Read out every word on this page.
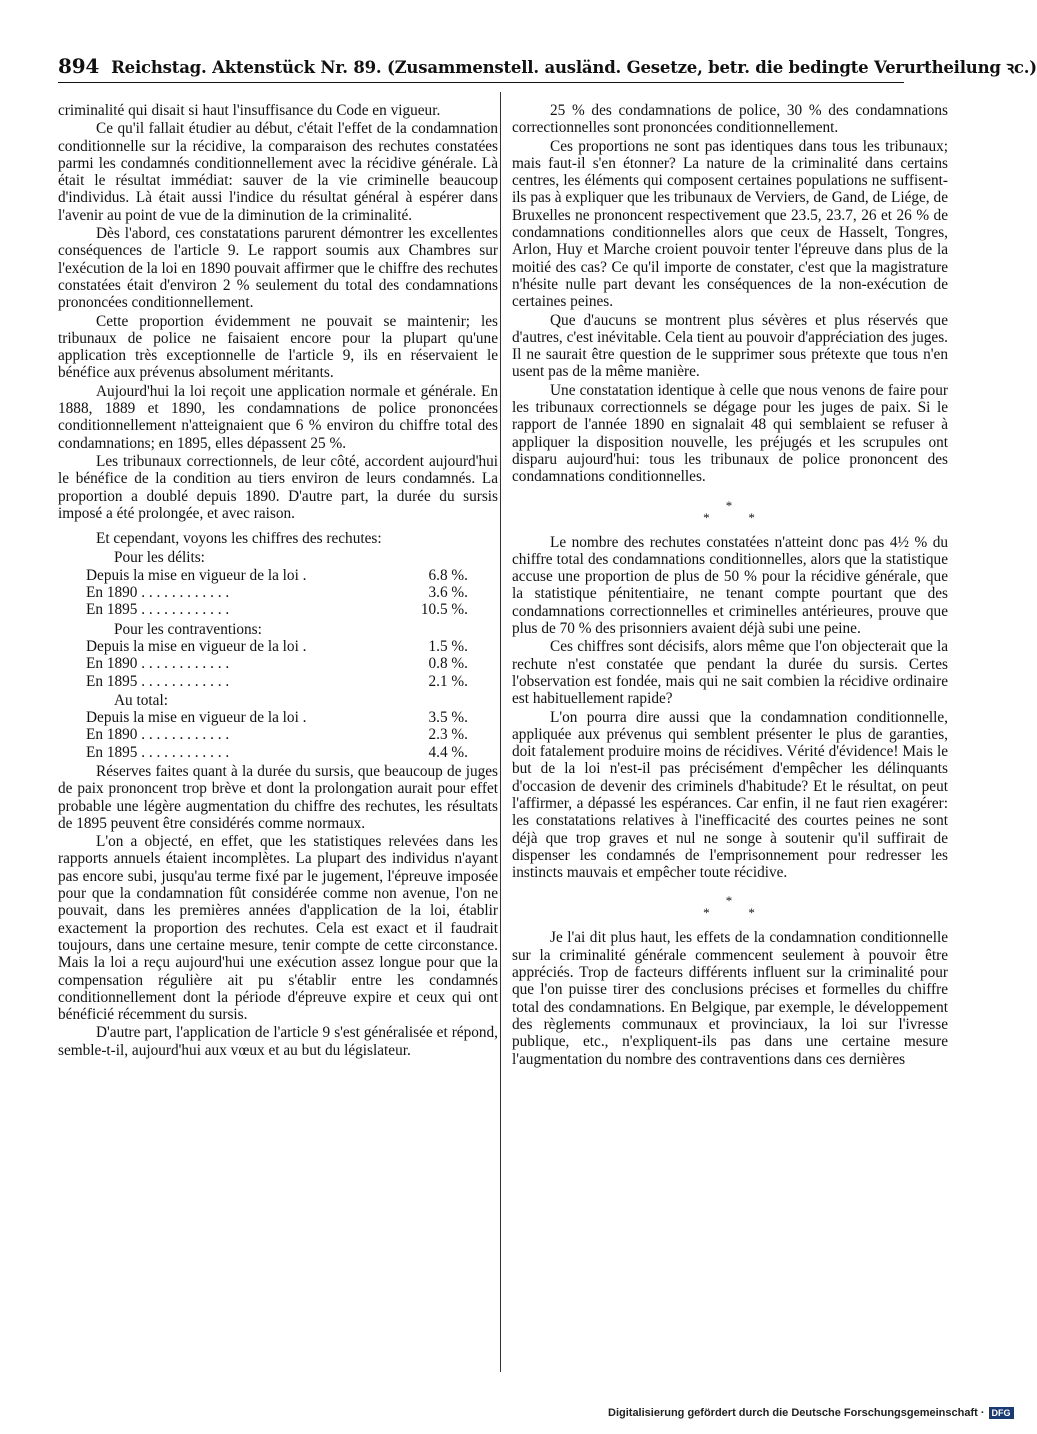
894 Reichstag. Aktenstück Nr. 89. (Zusammenstell. ausländ. Gesetze, betr. die bedingte Verurtheilung ꝛc.)

criminalité qui disait si haut l'insuffisance du Code en vigueur.

Ce qu'il fallait étudier au début, c'était l'effet de la condamnation conditionnelle sur la récidive, la comparaison des rechutes constatées parmi les condamnés conditionnellement avec la récidive générale. Là était le résultat immédiat: sauver de la vie criminelle beaucoup d'individus. Là était aussi l'indice du résultat général à espérer dans l'avenir au point de vue de la diminution de la criminalité.

Dès l'abord, ces constatations parurent démontrer les excellentes conséquences de l'article 9. Le rapport soumis aux Chambres sur l'exécution de la loi en 1890 pouvait affirmer que le chiffre des rechutes constatées était d'environ 2 % seulement du total des condamnations prononcées conditionnellement.

Cette proportion évidemment ne pouvait se maintenir; les tribunaux de police ne faisaient encore pour la plupart qu'une application très exceptionnelle de l'article 9, ils en réservaient le bénéfice aux prévenus absolument méritants.

Aujourd'hui la loi reçoit une application normale et générale. En 1888, 1889 et 1890, les condamnations de police prononcées conditionnellement n'atteignaient que 6 % environ du chiffre total des condamnations; en 1895, elles dépassent 25 %.

Les tribunaux correctionnels, de leur côté, accordent aujourd'hui le bénéfice de la condition au tiers environ de leurs condamnés. La proportion a doublé depuis 1890. D'autre part, la durée du sursis imposé a été prolongée, et avec raison.

Et cependant, voyons les chiffres des rechutes:

Pour les délits:

Depuis la mise en vigueur de la loi .	6.8 %.
En 1890 . . . . . . . . . . . .	3.6 %.
En 1895 . . . . . . . . . . . .	10.5 %.

Pour les contraventions:

Depuis la mise en vigueur de la loi .	1.5 %.
En 1890 . . . . . . . . . . . .	0.8 %.
En 1895 . . . . . . . . . . . .	2.1 %.

Au total:

Depuis la mise en vigueur de la loi .	3.5 %.
En 1890 . . . . . . . . . . . .	2.3 %.
En 1895 . . . . . . . . . . . .	4.4 %.

Réserves faites quant à la durée du sursis, que beaucoup de juges de paix prononcent trop brève et dont la prolongation aurait pour effet probable une légère augmentation du chiffre des rechutes, les résultats de 1895 peuvent être considérés comme normaux.

L'on a objecté, en effet, que les statistiques relevées dans les rapports annuels étaient incomplètes. La plupart des individus n'ayant pas encore subi, jusqu'au terme fixé par le jugement, l'épreuve imposée pour que la condamnation fût considérée comme non avenue, l'on ne pouvait, dans les premières années d'application de la loi, établir exactement la proportion des rechutes. Cela est exact et il faudrait toujours, dans une certaine mesure, tenir compte de cette circonstance. Mais la loi a reçu aujourd'hui une exécution assez longue pour que la compensation régulière ait pu s'établir entre les condamnés conditionnellement dont la période d'épreuve expire et ceux qui ont bénéficié récemment du sursis.

D'autre part, l'application de l'article 9 s'est généralisée et répond, semble-t-il, aujourd'hui aux vœux et au but du législateur.

25 % des condamnations de police, 30 % des condamnations correctionnelles sont prononcées conditionnellement.

Ces proportions ne sont pas identiques dans tous les tribunaux; mais faut-il s'en étonner? La nature de la criminalité dans certains centres, les éléments qui composent certaines populations ne suffisent-ils pas à expliquer que les tribunaux de Verviers, de Gand, de Liége, de Bruxelles ne prononcent respectivement que 23.5, 23.7, 26 et 26 % de condamnations conditionnelles alors que ceux de Hasselt, Tongres, Arlon, Huy et Marche croient pouvoir tenter l'épreuve dans plus de la moitié des cas? Ce qu'il importe de constater, c'est que la magistrature n'hésite nulle part devant les conséquences de la non-exécution de certaines peines.

Que d'aucuns se montrent plus sévères et plus réservés que d'autres, c'est inévitable. Cela tient au pouvoir d'appréciation des juges. Il ne saurait être question de le supprimer sous prétexte que tous n'en usent pas de la même manière.

Une constatation identique à celle que nous venons de faire pour les tribunaux correctionnels se dégage pour les juges de paix. Si le rapport de l'année 1890 en signalait 48 qui semblaient se refuser à appliquer la disposition nouvelle, les préjugés et les scrupules ont disparu aujourd'hui: tous les tribunaux de police prononcent des condamnations conditionnelles.

*
*       *

Le nombre des rechutes constatées n'atteint donc pas 4½ % du chiffre total des condamnations conditionnelles, alors que la statistique accuse une proportion de plus de 50 % pour la récidive générale, que la statistique pénitentiaire, ne tenant compte pourtant que des condamnations correctionnelles et criminelles antérieures, prouve que plus de 70 % des prisonniers avaient déjà subi une peine.

Ces chiffres sont décisifs, alors même que l'on objecterait que la rechute n'est constatée que pendant la durée du sursis. Certes l'observation est fondée, mais qui ne sait combien la récidive ordinaire est habituellement rapide?

L'on pourra dire aussi que la condamnation conditionnelle, appliquée aux prévenus qui semblent présenter le plus de garanties, doit fatalement produire moins de récidives. Vérité d'évidence! Mais le but de la loi n'est-il pas précisément d'empêcher les délinquants d'occasion de devenir des criminels d'habitude? Et le résultat, on peut l'affirmer, a dépassé les espérances. Car enfin, il ne faut rien exagérer: les constatations relatives à l'inefficacité des courtes peines ne sont déjà que trop graves et nul ne songe à soutenir qu'il suffirait de dispenser les condamnés de l'emprisonnement pour redresser les instincts mauvais et empêcher toute récidive.

*
*       *

Je l'ai dit plus haut, les effets de la condamnation conditionnelle sur la criminalité générale commencent seulement à pouvoir être appréciés. Trop de facteurs différents influent sur la criminalité pour que l'on puisse tirer des conclusions précises et formelles du chiffre total des condamnations. En Belgique, par exemple, le développement des règlements communaux et provinciaux, la loi sur l'ivresse publique, etc., n'expliquent-ils pas dans une certaine mesure l'augmentation du nombre des contraventions dans ces dernières

Digitalisierung gefördert durch die Deutsche Forschungsgemeinschaft · DFG
